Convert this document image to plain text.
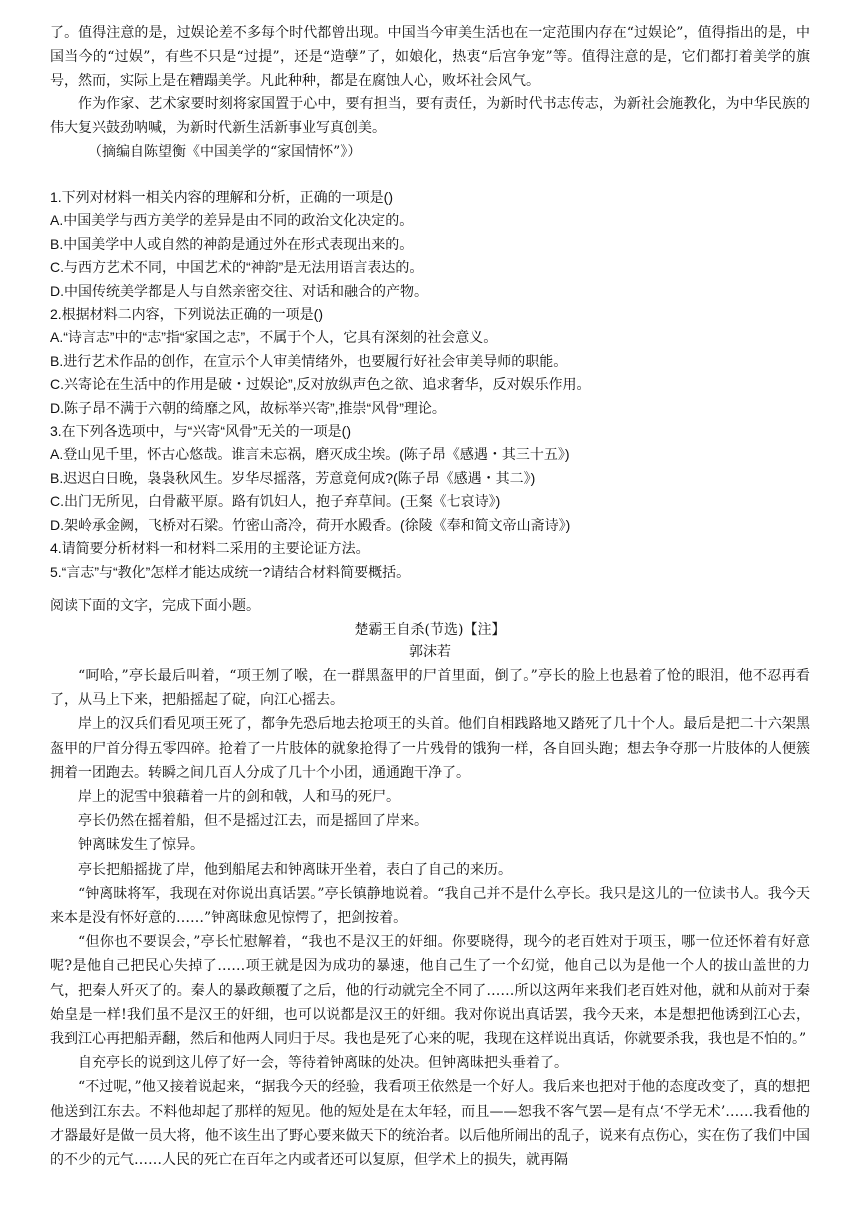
了。值得注意的是，过娱论差不多每个时代都曾出现。中国当今审美生活也在一定范围内存在“过娱论”，值得指出的是，中国当今的“过娱”，有些不只是“过提”，还是“造孽”了，如娘化，热衷“后宫争宠”等。值得注意的是，它们都打着美学的旗号，然而，实际上是在糟蹋美学。凡此种种，都是在腐蚀人心，败坏社会风气。

作为作家、艺术家要时刻将家国置于心中，要有担当，要有责任，为新时代书志传志，为新社会施教化，为中华民族的伟大复兴鼓劲呐喊，为新时代新生活新事业写真创美。

（摘编自陈望衡《中国美学的“家国情怀”》）

1.下列对材料一相关内容的理解和分析，正确的一项是()
A.中国美学与西方美学的差异是由不同的政治文化决定的。
B.中国美学中人或自然的神韵是通过外在形式表现出来的。
C.与西方艺术不同，中国艺术的“神韵”是无法用语言表达的。
D.中国传统美学都是人与自然亲密交往、对话和融合的产物。
2.根据材料二内容，下列说法正确的一项是()
A.“诗言志”中的“志”指“家国之志”，不属于个人，它具有深刻的社会意义。
B.进行艺术作品的创作，在宣示个人审美情绪外，也要履行好社会审美导师的职能。
C.兴寄论在生活中的作用是破・过娱论”,反对放纵声色之欲、追求奢华，反对娱乐作用。
D.陈子昂不满于六朝的绮靡之风，故标举兴寄”,推崇“风骨”理论。
3.在下列各选项中，与“兴寄“风骨”无关的一项是()
A.登山见千里，怀古心悠哉。谁言未忘祸，磨灭成尘埃。(陈子昂《感遇・其三十五》)
B.迟迟白日晚，袅袅秋风生。岁华尽摇落，芳意竟何成?(陈子昂《感遇・其二》)
C.出门无所见，白骨蔽平原。路有饥妇人，抱子弃草间。(王粲《七哀诗》)
D.架岭承金阙，飞桥对石梁。竹密山斋冷，荷开水殿香。(徐陵《奉和简文帝山斋诗》)
4.请简要分析材料一和材料二采用的主要论证方法。
5.“言志”与“教化”怎样才能达成统一?请结合材料简要概括。
阅读下面的文字，完成下面小题。
楚霸王自杀(节选)【注】
郭沫若

“呵哈，”亭长最后叫着，“项王刎了喉，在一群黑盔甲的尸首里面，倒了。”亭长的脸上也悬着了怆的眼泪，他不忍再看了，从马上下来，把船摇起了碇，向江心摇去。

岸上的汉兵们看见项王死了，都争先恐后地去抢项王的头首。他们自相践路地又踏死了几十个人。最后是把二十六架黑盔甲的尸首分得五零四碎。抢着了一片肢体的就象抢得了一片残骨的饿狗一样，各自回头跑；想去争夺那一片肢体的人便簇拥着一团跑去。转瞬之间几百人分成了几十个小团，通通跑干净了。

岸上的泥雪中狼藉着一片的剑和戟，人和马的死尸。

亭长仍然在摇着船，但不是摇过江去，而是摇回了岸来。

钟离昧发生了惊异。

亭长把船摇拢了岸，他到船尾去和钟离昧开坐着，表白了自己的来历。

“钟离昧将军，我现在对你说出真话罢。”亭长镇静地说着。“我自己并不是什么亭长。我只是这儿的一位读书人。我今天来本是没有怀好意的……”钟离昧愈见惊愕了，把剑按着。

“但你也不要误会，”亭长忙慰解着，“我也不是汉王的奸细。你要晓得，现今的老百姓对于项玉，哪一位还怀着有好意呢?是他自己把民心失掉了……项王就是因为成功的暴速，他自己生了一个幻觉，他自己以为是他一个人的拔山盖世的力气，把秦人歼灭了的。秦人的暴政颠覆了之后，他的行动就完全不同了……所以这两年来我们老百姓对他，就和从前对于秦始皇是一样!我们虽不是汉王的奸细，也可以说都是汉王的奸细。我对你说出真话罢，我今天来，本是想把他诱到江心去，我到江心再把船弄翻，然后和他两人同归于尽。我也是死了心来的呢，我现在这样说出真话，你就要杀我，我也是不怕的。”

自充亭长的说到这儿停了好一会，等待着钟离昧的处决。但钟离昧把头垂着了。

“不过呢，”他又接着说起来，“据我今天的经验，我看项王依然是一个好人。我后来也把对于他的态度改变了，真的想把他送到江东去。不料他却起了那样的短见。他的短处是在太年轻，而且——恕我不客气罢—是有点‘不学无术’……我看他的才器最好是做一员大将，他不该生出了野心要来做天下的统治者。以后他所闹出的乱子，说来有点伤心，实在伤了我们中国的不少的元气……人民的死亡在百年之内或者还可以复原，但学术上的损失，就再隔
